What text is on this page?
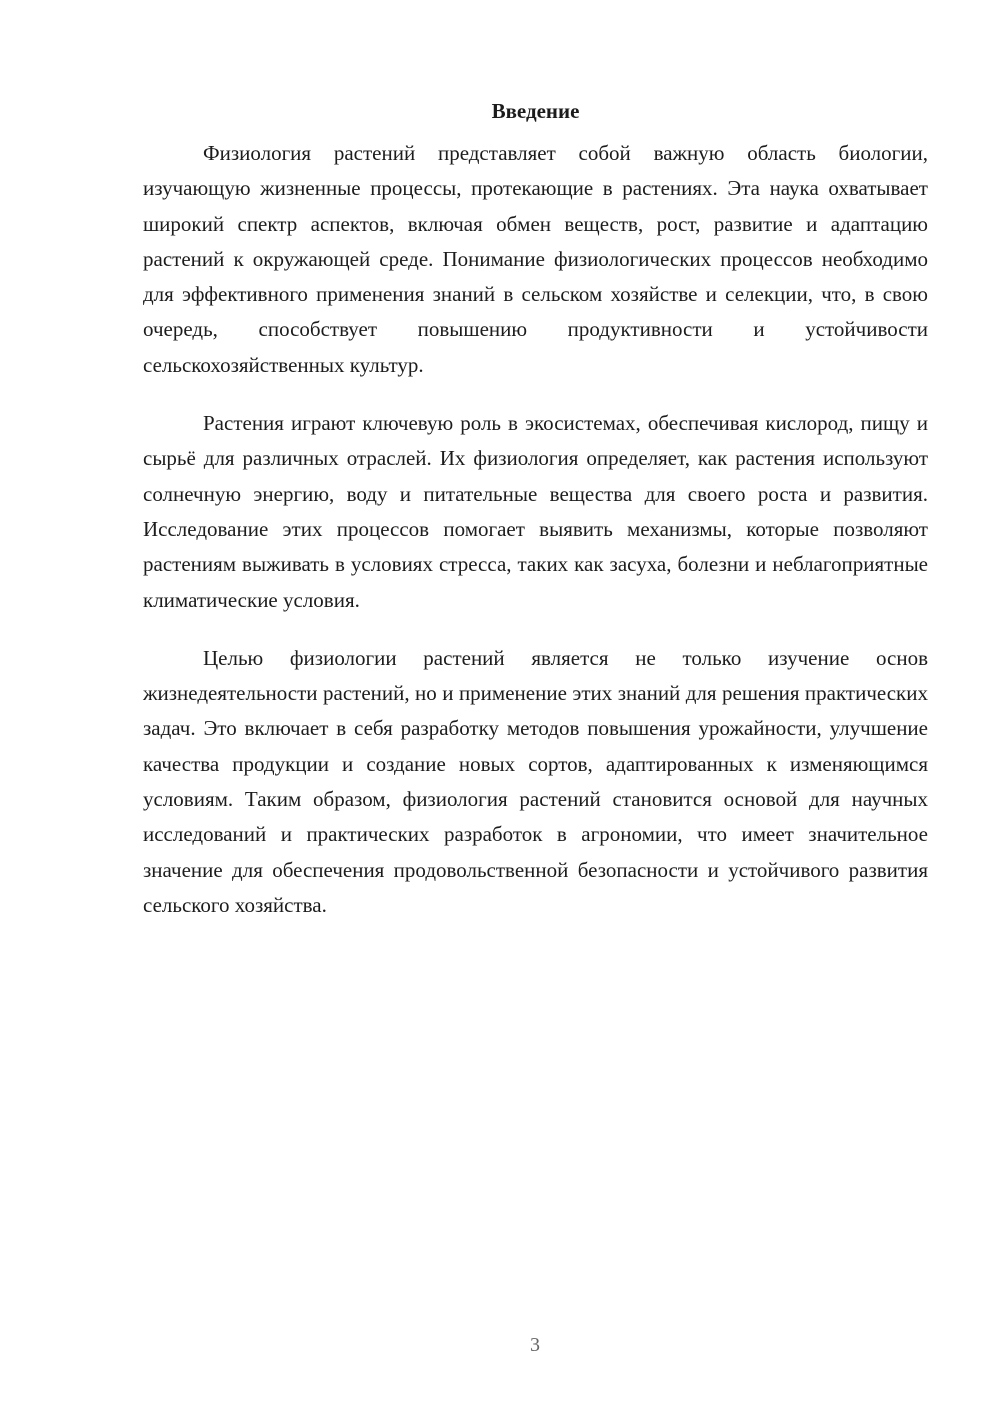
Введение

Физиология растений представляет собой важную область биологии, изучающую жизненные процессы, протекающие в растениях. Эта наука охватывает широкий спектр аспектов, включая обмен веществ, рост, развитие и адаптацию растений к окружающей среде. Понимание физиологических процессов необходимо для эффективного применения знаний в сельском хозяйстве и селекции, что, в свою очередь, способствует повышению продуктивности и устойчивости сельскохозяйственных культур.

Растения играют ключевую роль в экосистемах, обеспечивая кислород, пищу и сырьё для различных отраслей. Их физиология определяет, как растения используют солнечную энергию, воду и питательные вещества для своего роста и развития. Исследование этих процессов помогает выявить механизмы, которые позволяют растениям выживать в условиях стресса, таких как засуха, болезни и неблагоприятные климатические условия.

Целью физиологии растений является не только изучение основ жизнедеятельности растений, но и применение этих знаний для решения практических задач. Это включает в себя разработку методов повышения урожайности, улучшение качества продукции и создание новых сортов, адаптированных к изменяющимся условиям. Таким образом, физиология растений становится основой для научных исследований и практических разработок в агрономии, что имеет значительное значение для обеспечения продовольственной безопасности и устойчивого развития сельского хозяйства.

3
